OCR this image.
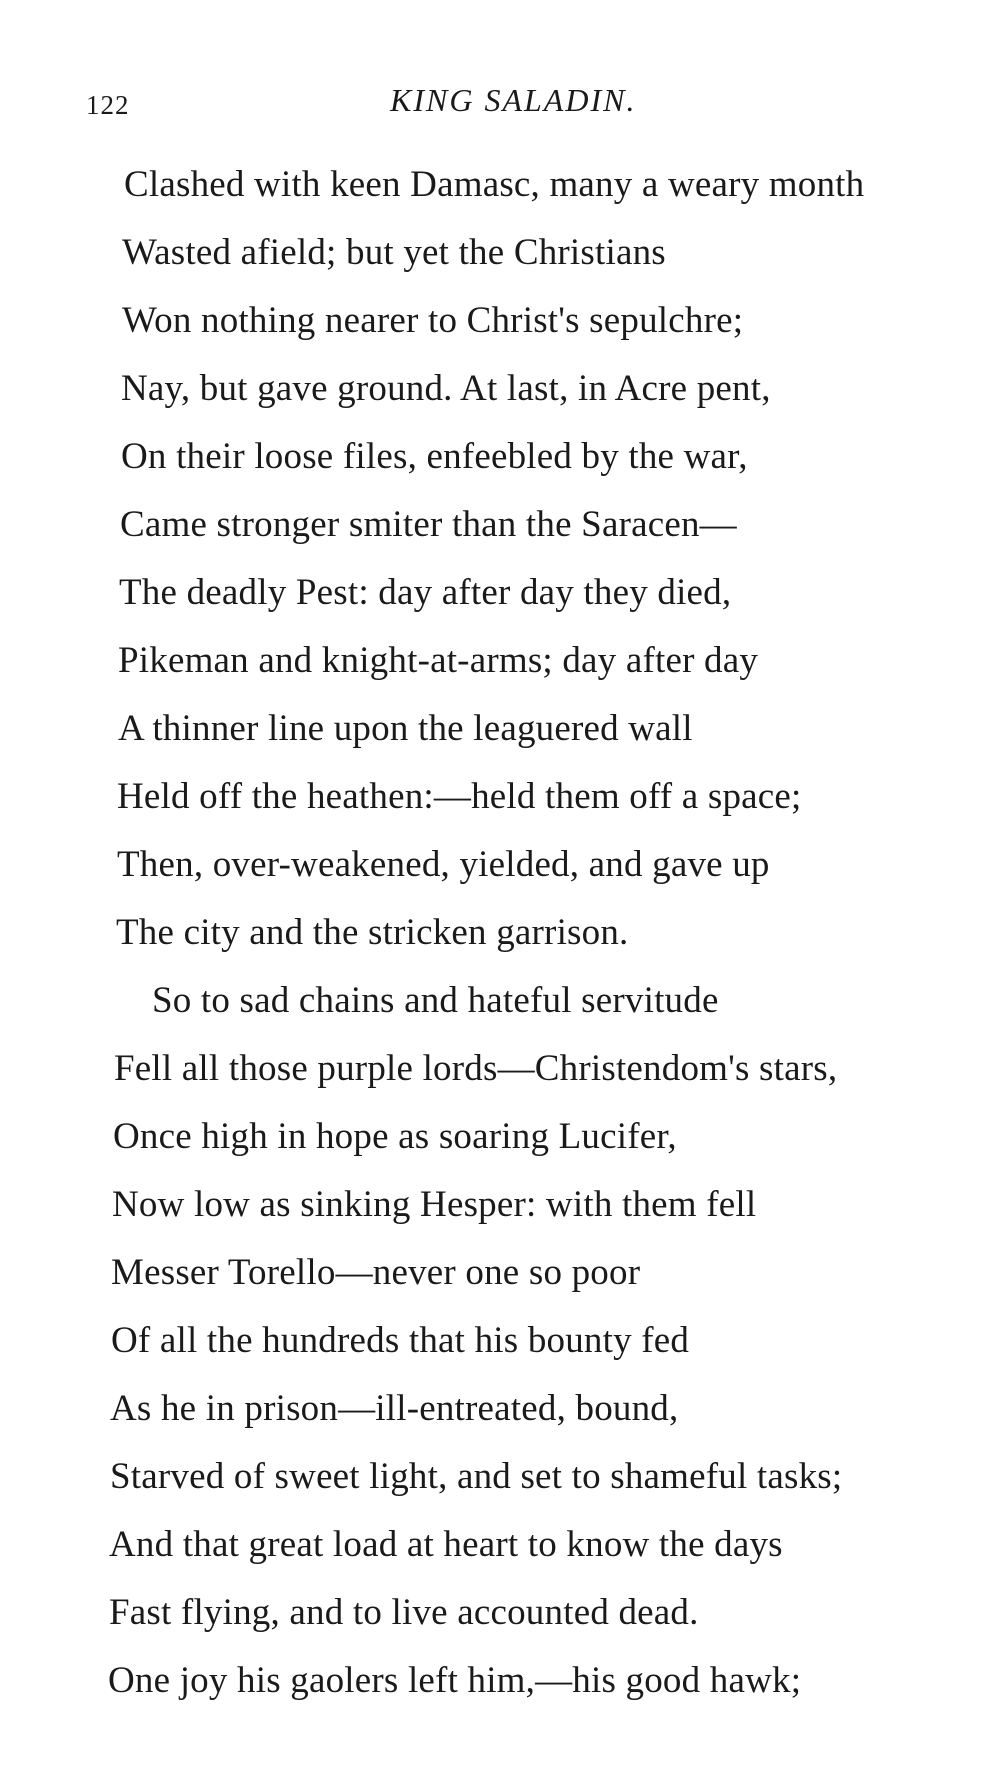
122	KING SALADIN.
Clashed with keen Damasc, many a weary month
Wasted afield; but yet the Christians
Won nothing nearer to Christ's sepulchre;
Nay, but gave ground. At last, in Acre pent,
On their loose files, enfeebled by the war,
Came stronger smiter than the Saracen—
The deadly Pest: day after day they died,
Pikeman and knight-at-arms; day after day
A thinner line upon the leaguered wall
Held off the heathen:—held them off a space;
Then, over-weakened, yielded, and gave up
The city and the stricken garrison.
So to sad chains and hateful servitude
Fell all those purple lords—Christendom's stars,
Once high in hope as soaring Lucifer,
Now low as sinking Hesper: with them fell
Messer Torello—never one so poor
Of all the hundreds that his bounty fed
As he in prison—ill-entreated, bound,
Starved of sweet light, and set to shameful tasks;
And that great load at heart to know the days
Fast flying, and to live accounted dead.
One joy his gaolers left him,—his good hawk;
